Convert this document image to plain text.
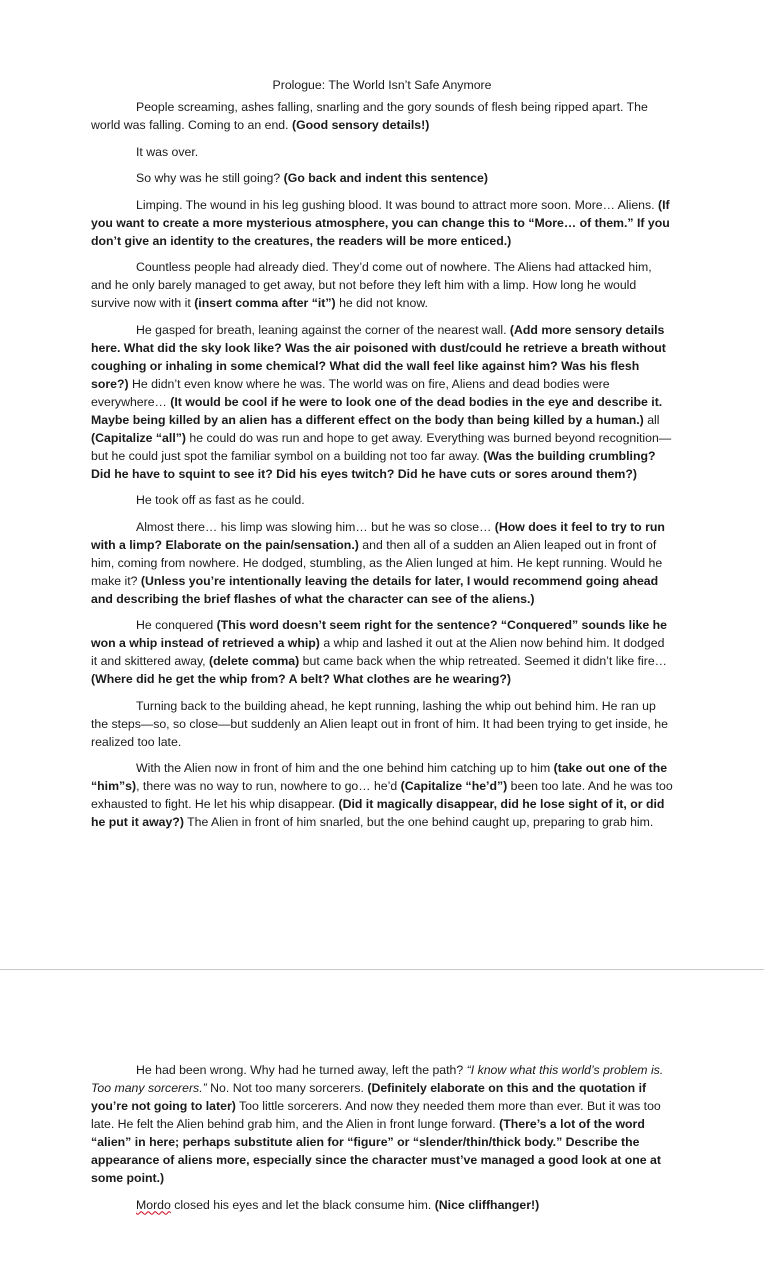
Prologue: The World Isn’t Safe Anymore

People screaming, ashes falling, snarling and the gory sounds of flesh being ripped apart. The world was falling. Coming to an end. (Good sensory details!)

It was over.

So why was he still going? (Go back and indent this sentence)

Limping. The wound in his leg gushing blood. It was bound to attract more soon. More… Aliens. (If you want to create a more mysterious atmosphere, you can change this to “More… of them.” If you don’t give an identity to the creatures, the readers will be more enticed.)

Countless people had already died. They’d come out of nowhere. The Aliens had attacked him, and he only barely managed to get away, but not before they left him with a limp. How long he would survive now with it (insert comma after “it”) he did not know.

He gasped for breath, leaning against the corner of the nearest wall. (Add more sensory details here. What did the sky look like? Was the air poisoned with dust/could he retrieve a breath without coughing or inhaling in some chemical? What did the wall feel like against him? Was his flesh sore?) He didn’t even know where he was. The world was on fire, Aliens and dead bodies were everywhere… (It would be cool if he were to look one of the dead bodies in the eye and describe it. Maybe being killed by an alien has a different effect on the body than being killed by a human.) all (Capitalize “all”) he could do was run and hope to get away. Everything was burned beyond recognition—but he could just spot the familiar symbol on a building not too far away. (Was the building crumbling? Did he have to squint to see it? Did his eyes twitch? Did he have cuts or sores around them?)

He took off as fast as he could.

Almost there… his limp was slowing him… but he was so close… (How does it feel to try to run with a limp? Elaborate on the pain/sensation.) and then all of a sudden an Alien leaped out in front of him, coming from nowhere. He dodged, stumbling, as the Alien lunged at him. He kept running. Would he make it? (Unless you’re intentionally leaving the details for later, I would recommend going ahead and describing the brief flashes of what the character can see of the aliens.)

He conquered (This word doesn’t seem right for the sentence? “Conquered” sounds like he won a whip instead of retrieved a whip) a whip and lashed it out at the Alien now behind him. It dodged it and skittered away, (delete comma) but came back when the whip retreated. Seemed it didn’t like fire… (Where did he get the whip from? A belt? What clothes are he wearing?)

Turning back to the building ahead, he kept running, lashing the whip out behind him. He ran up the steps—so, so close—but suddenly an Alien leapt out in front of him. It had been trying to get inside, he realized too late.

With the Alien now in front of him and the one behind him catching up to him (take out one of the “him”s), there was no way to run, nowhere to go… he’d (Capitalize “he’d”) been too late. And he was too exhausted to fight. He let his whip disappear. (Did it magically disappear, did he lose sight of it, or did he put it away?) The Alien in front of him snarled, but the one behind caught up, preparing to grab him.

He had been wrong. Why had he turned away, left the path? “I know what this world’s problem is. Too many sorcerers.” No. Not too many sorcerers. (Definitely elaborate on this and the quotation if you’re not going to later) Too little sorcerers. And now they needed them more than ever. But it was too late. He felt the Alien behind grab him, and the Alien in front lunge forward. (There’s a lot of the word “alien” in here; perhaps substitute alien for “figure” or “slender/thin/thick body.” Describe the appearance of aliens more, especially since the character must’ve managed a good look at one at some point.)

Mordo closed his eyes and let the black consume him. (Nice cliffhanger!)
